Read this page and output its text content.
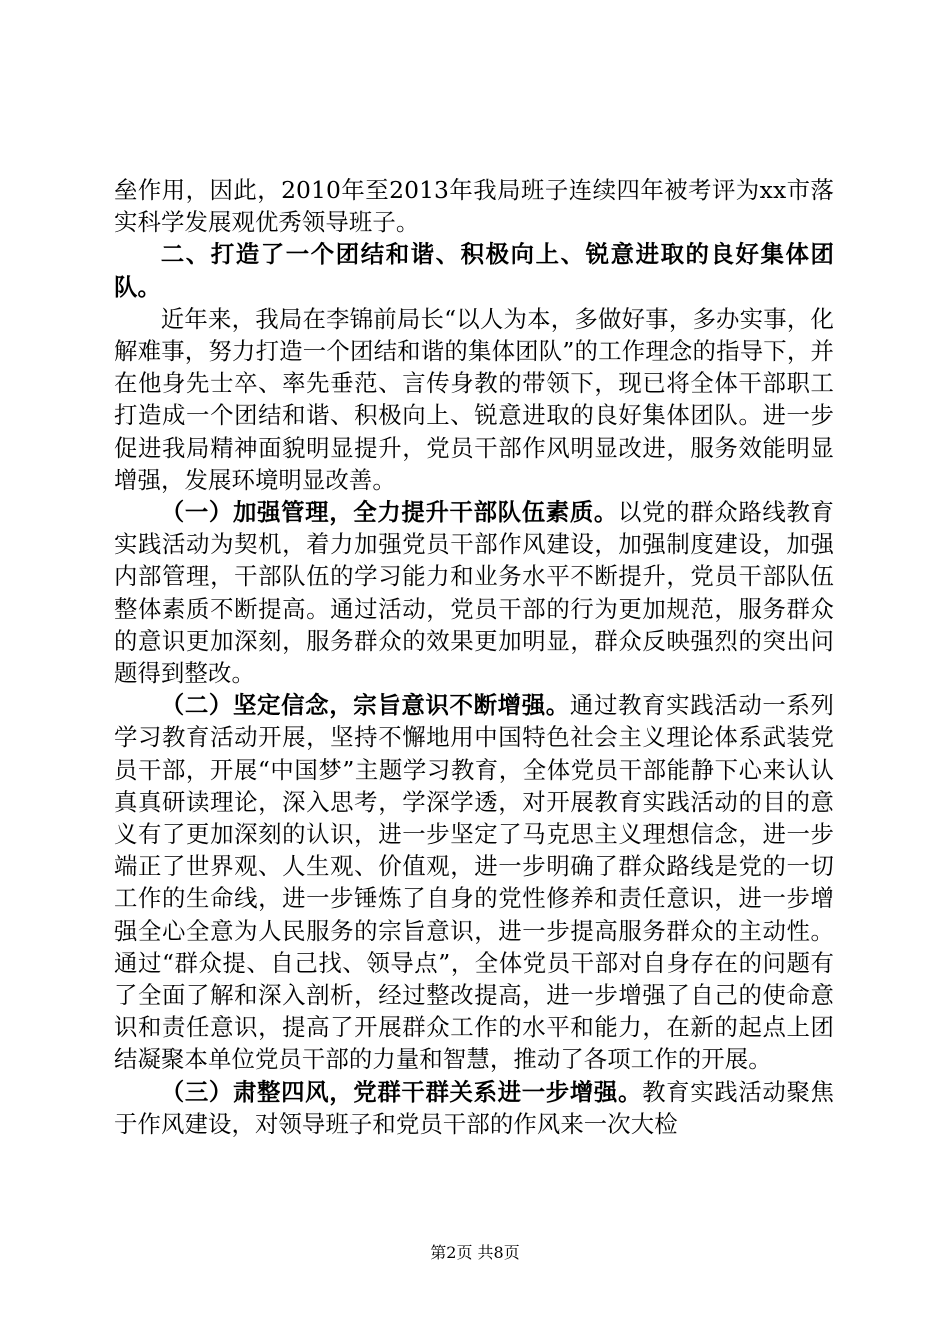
垒作用，因此，2010年至2013年我局班子连续四年被考评为xx市落实科学发展观优秀领导班子。

二、打造了一个团结和谐、积极向上、锐意进取的良好集体团队。

近年来，我局在李锦前局长“以人为本，多做好事，多办实事，化解难事，努力打造一个团结和谐的集体团队”的工作理念的指导下，并在他身先士卒、率先垂范、言传身教的带领下，现已将全体干部职工打造成一个团结和谐、积极向上、锐意进取的良好集体团队。进一步促进我局精神面貌明显提升，党员干部作风明显改进，服务效能明显增强，发展环境明显改善。

（一）加强管理，全力提升干部队伍素质。以党的群众路线教育实践活动为契机，着力加强党员干部作风建设，加强制度建设，加强内部管理，干部队伍的学习能力和业务水平不断提升，党员干部队伍整体素质不断提高。通过活动，党员干部的行为更加规范，服务群众的意识更加深刻，服务群众的效果更加明显，群众反映强烈的突出问题得到整改。

（二）坚定信念，宗旨意识不断增强。通过教育实践活动一系列学习教育活动开展，坚持不懈地用中国特色社会主义理论体系武装党员干部，开展“中国梦”主题学习教育，全体党员干部能静下心来认认真真研读理论，深入思考，学深学透，对开展教育实践活动的目的意义有了更加深刻的认识，进一步坚定了马克思主义理想信念，进一步端正了世界观、人生观、价值观，进一步明确了群众路线是党的一切工作的生命线，进一步锤炼了自身的党性修养和责任意识，进一步增强全心全意为人民服务的宗旨意识，进一步提高服务群众的主动性。通过“群众提、自己找、领导点”，全体党员干部对自身存在的问题有了全面了解和深入剖析，经过整改提高，进一步增强了自己的使命意识和责任意识，提高了开展群众工作的水平和能力，在新的起点上团结凝聚本单位党员干部的力量和智慧，推动了各项工作的开展。

（三）肃整四风，党群干群关系进一步增强。教育实践活动聚焦于作风建设，对领导班子和党员干部的作风来一次大检

第2页 共8页
